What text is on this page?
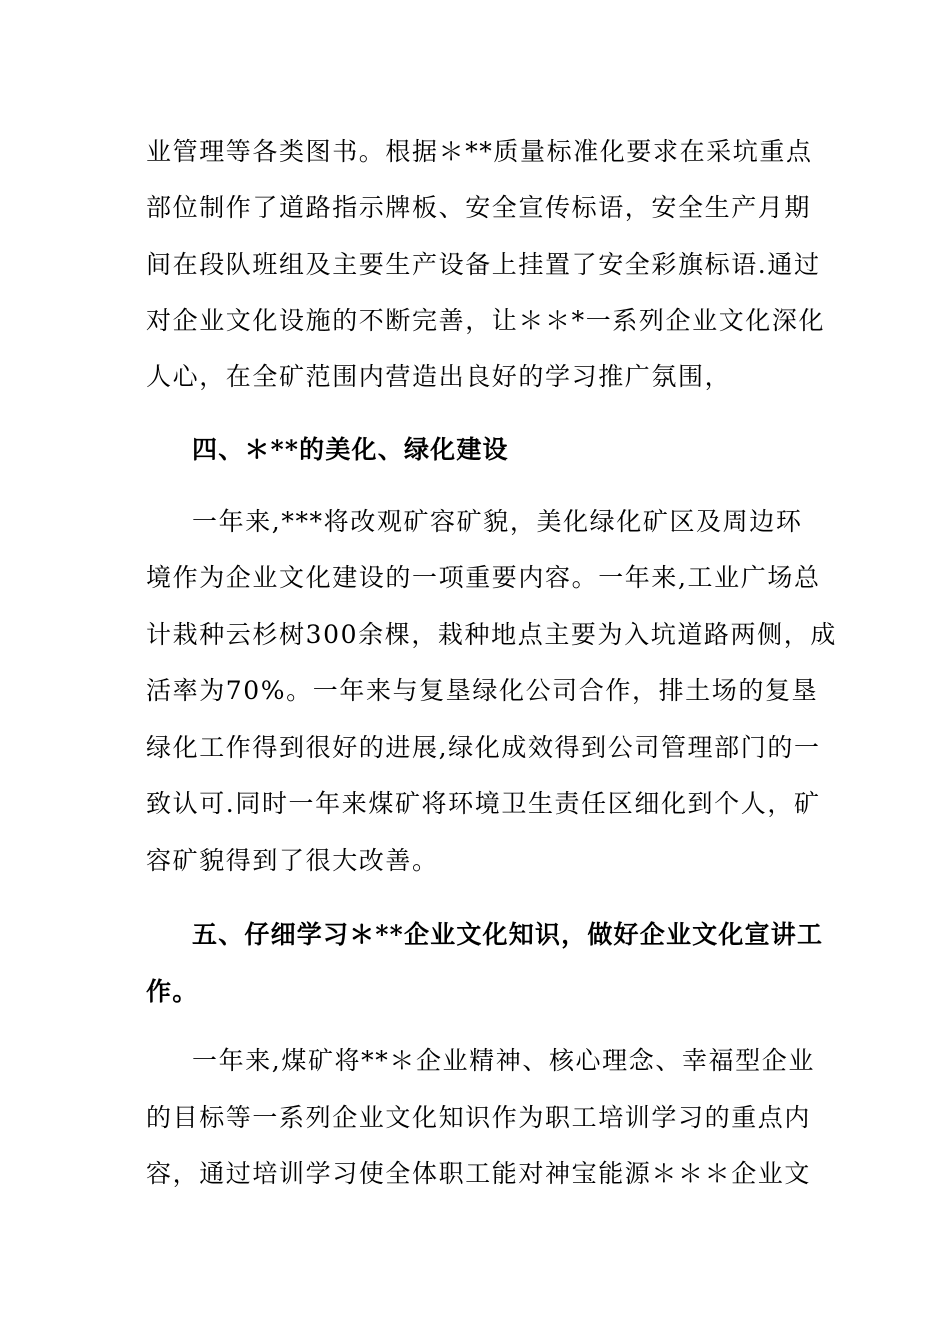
业管理等各类图书。根据＊**质量标准化要求在采坑重点
部位制作了道路指示牌板、安全宣传标语，安全生产月期
间在段队班组及主要生产设备上挂置了安全彩旗标语.通过
对企业文化设施的不断完善，让＊＊*一系列企业文化深化
人心，在全矿范围内营造出良好的学习推广氛围，
四、＊**的美化、绿化建设
一年来,***将改观矿容矿貌，美化绿化矿区及周边环
境作为企业文化建设的一项重要内容。一年来,工业广场总
计栽种云杉树300余棵，栽种地点主要为入坑道路两侧，成
活率为70%。一年来与复垦绿化公司合作，排土场的复垦
绿化工作得到很好的进展,绿化成效得到公司管理部门的一
致认可.同时一年来煤矿将环境卫生责任区细化到个人，矿
容矿貌得到了很大改善。
五、仔细学习＊**企业文化知识，做好企业文化宣讲工
作。
一年来,煤矿将**＊企业精神、核心理念、幸福型企业
的目标等一系列企业文化知识作为职工培训学习的重点内
容，通过培训学习使全体职工能对神宝能源＊＊＊企业文
